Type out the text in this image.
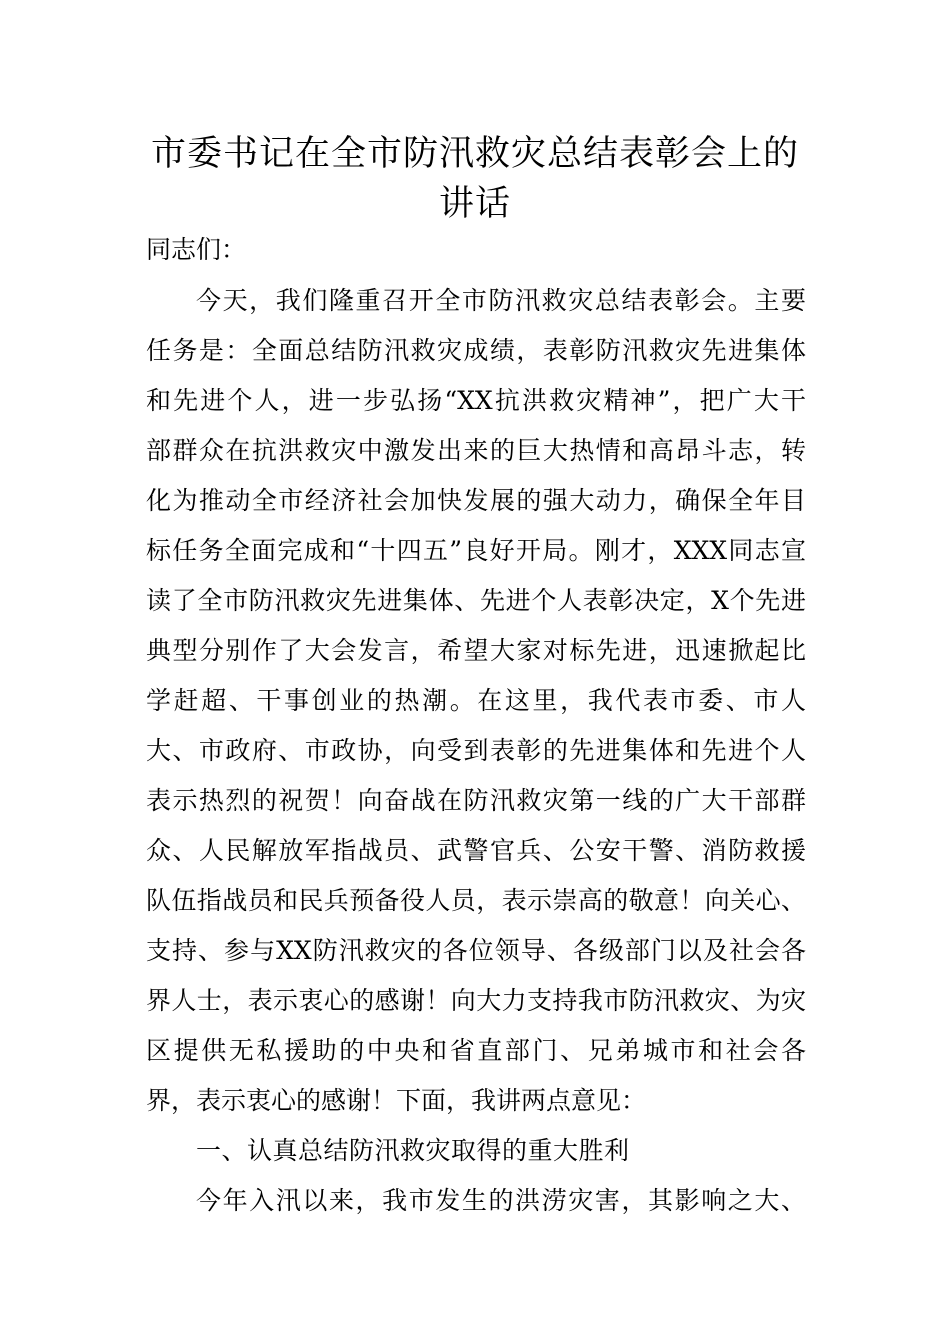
市委书记在全市防汛救灾总结表彰会上的
讲话
同志们：
今天，我们隆重召开全市防汛救灾总结表彰会。主要
任务是：全面总结防汛救灾成绩，表彰防汛救灾先进集体
和先进个人，进一步弘扬“XX抗洪救灾精神”，把广大干
部群众在抗洪救灾中激发出来的巨大热情和高昂斗志，转
化为推动全市经济社会加快发展的强大动力，确保全年目
标任务全面完成和“十四五”良好开局。刚才，XXX同志宣
读了全市防汛救灾先进集体、先进个人表彰决定，X个先进
典型分别作了大会发言，希望大家对标先进，迅速掀起比
学赶超、干事创业的热潮。在这里，我代表市委、市人
大、市政府、市政协，向受到表彰的先进集体和先进个人
表示热烈的祝贺！向奋战在防汛救灾第一线的广大干部群
众、人民解放军指战员、武警官兵、公安干警、消防救援
队伍指战员和民兵预备役人员，表示崇高的敬意！向关心、
支持、参与XX防汛救灾的各位领导、各级部门以及社会各
界人士，表示衷心的感谢！向大力支持我市防汛救灾、为灾
区提供无私援助的中央和省直部门、兄弟城市和社会各
界，表示衷心的感谢！下面，我讲两点意见：
一、认真总结防汛救灾取得的重大胜利
今年入汛以来，我市发生的洪涝灾害，其影响之大、
